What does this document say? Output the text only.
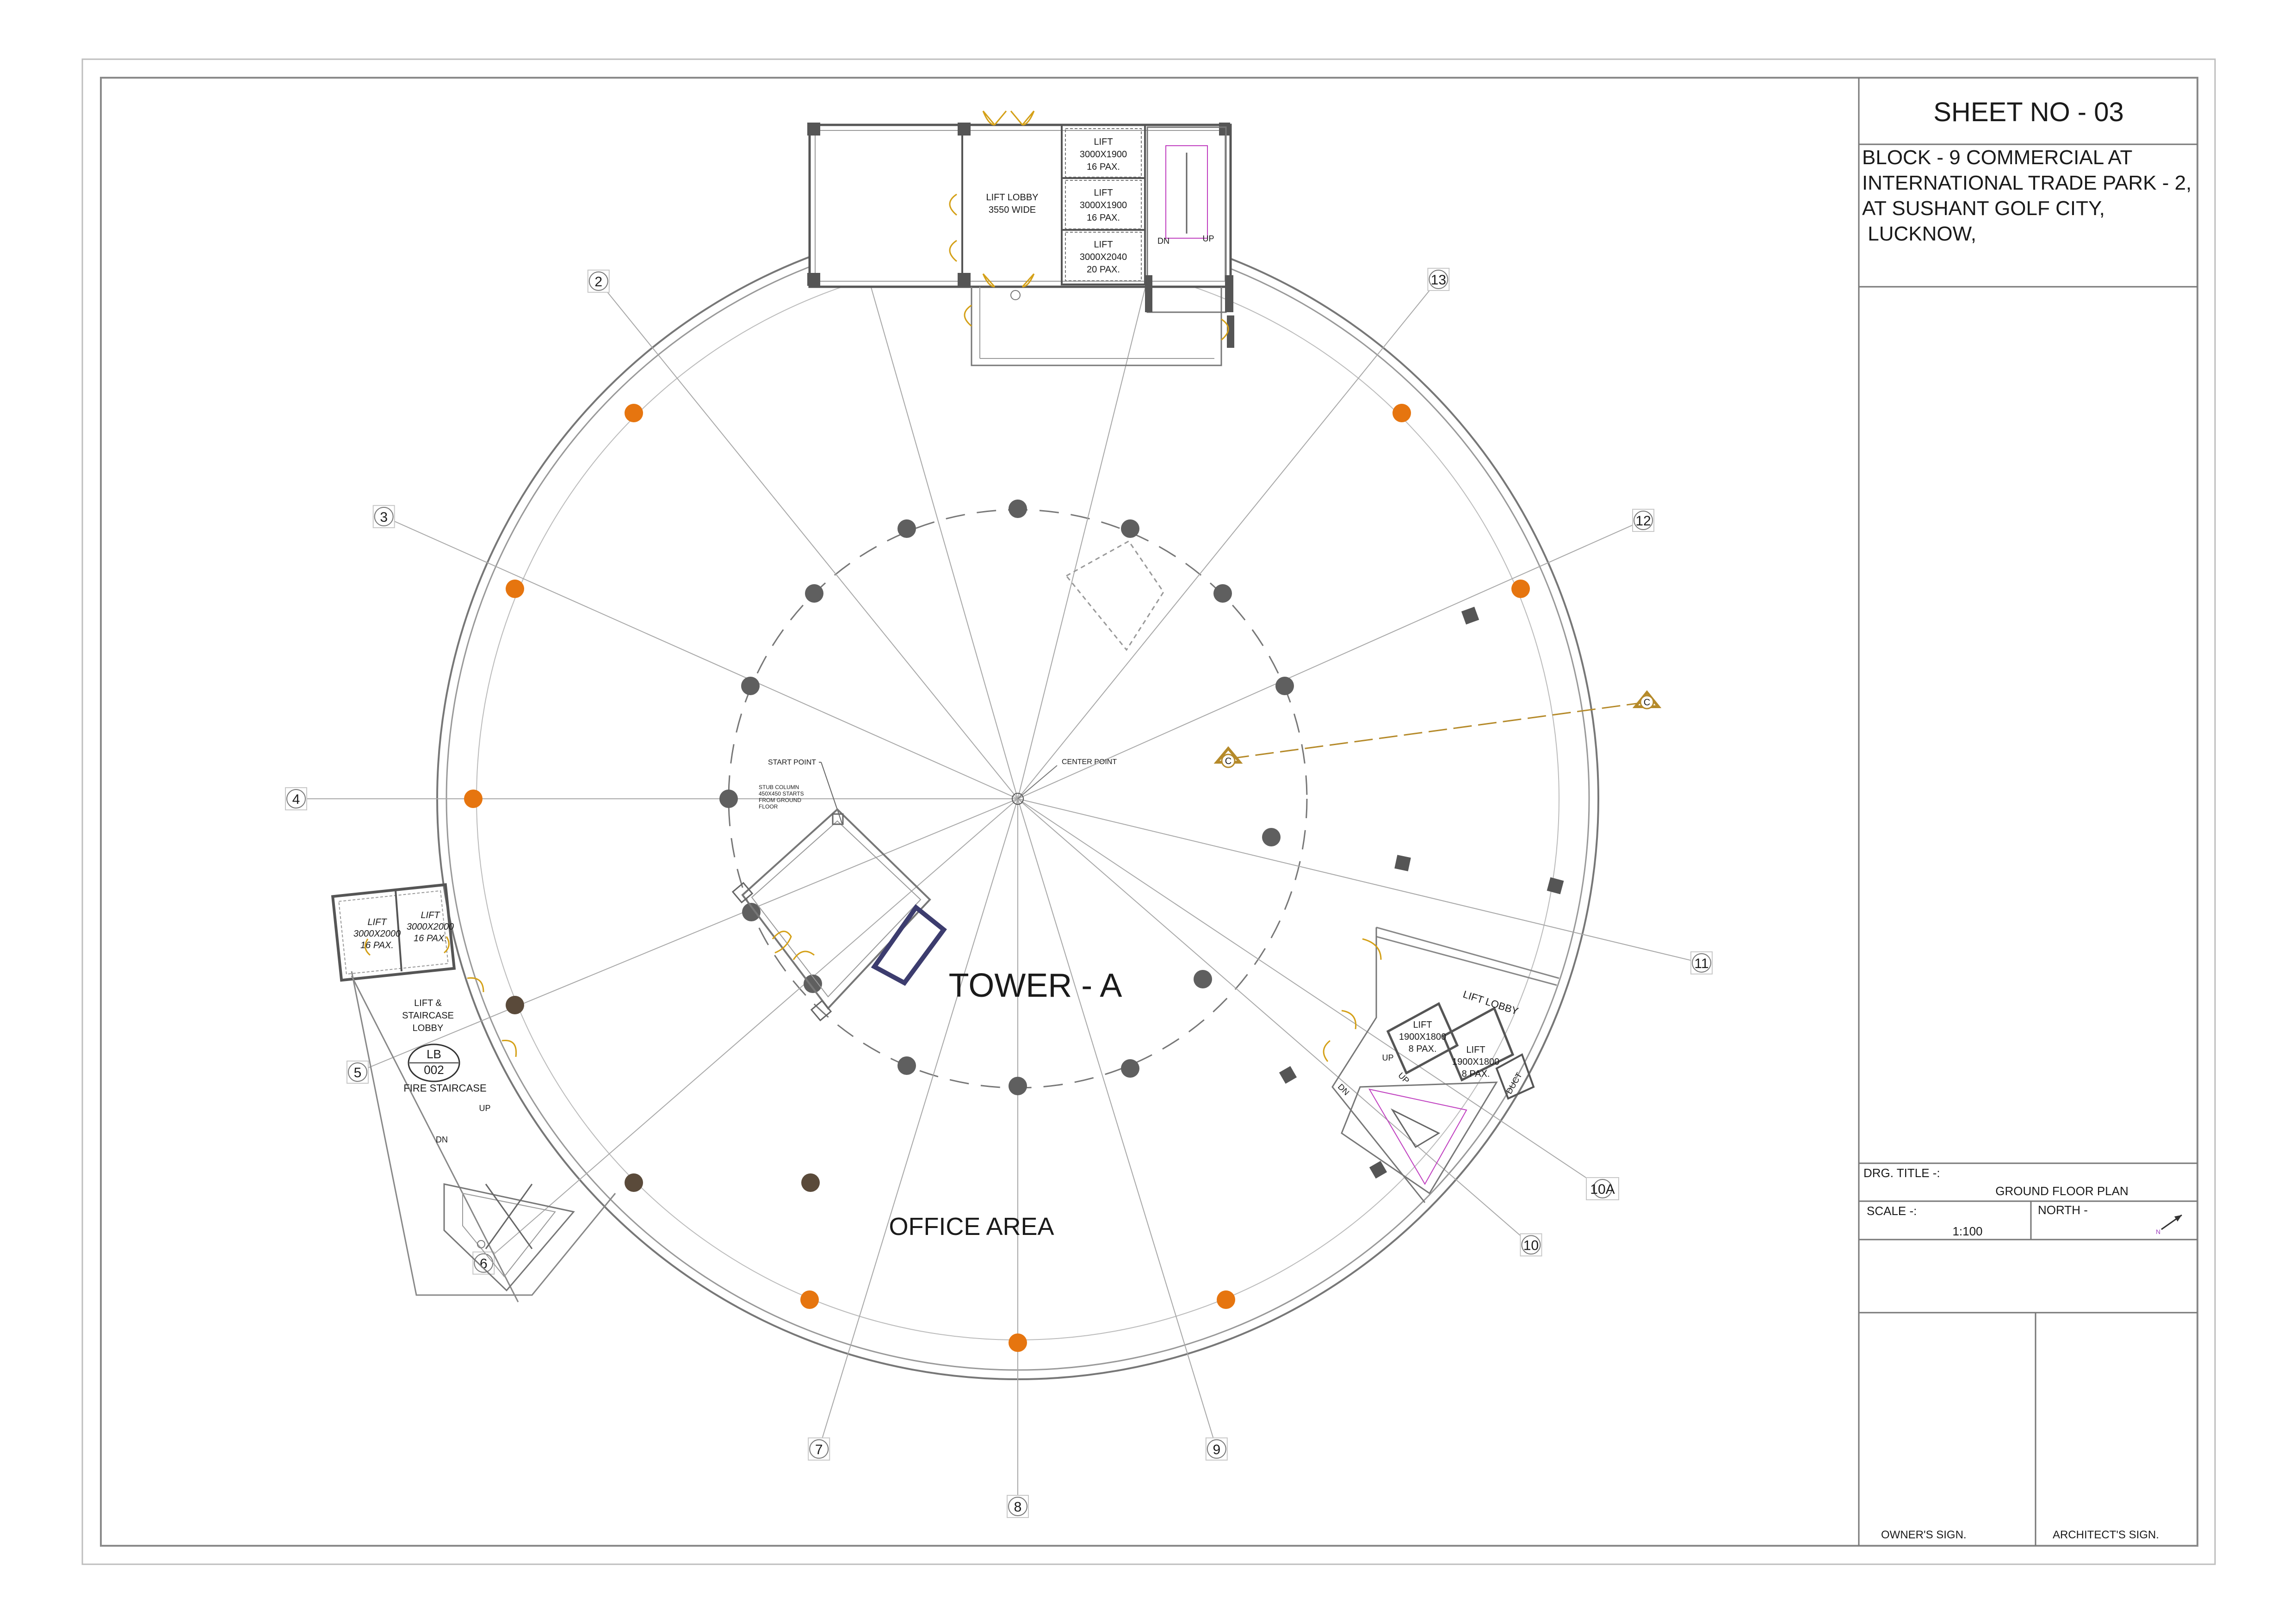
SHEET NO - 03
BLOCK - 9 COMMERCIAL AT
INTERNATIONAL TRADE PARK - 2,
AT SUSHANT GOLF CITY,
LUCKNOW,
DRG. TITLE -:
GROUND FLOOR PLAN
SCALE -:
1:100
NORTH -
N
OWNER'S SIGN.	ARCHITECT'S SIGN.
2
3
4
5
6
7
8
9
10
10A
11
12
13
CENTER POINT
START POINT
STUB COLUMN
450X450 STARTS
FROM GROUND
FLOOR
C
C
LIFT LOBBY
3550 WIDE
LIFT
3000X1900
16 PAX.
LIFT
3000X1900
16 PAX.
LIFT
3000X2040
20 PAX.
DN	UP
LIFT
3000X2000
16 PAX.
LIFT
3000X2000
16 PAX.
LIFT &
STAIRCASE
LOBBY
LB
002
FIRE STAIRCASE
UP
DN
LIFT LOBBY
LIFT
1900X1800
8 PAX.	LIFT
1900X1800
8 PAX. DUCT
UP
UP
DN
TOWER - A
OFFICE AREA
